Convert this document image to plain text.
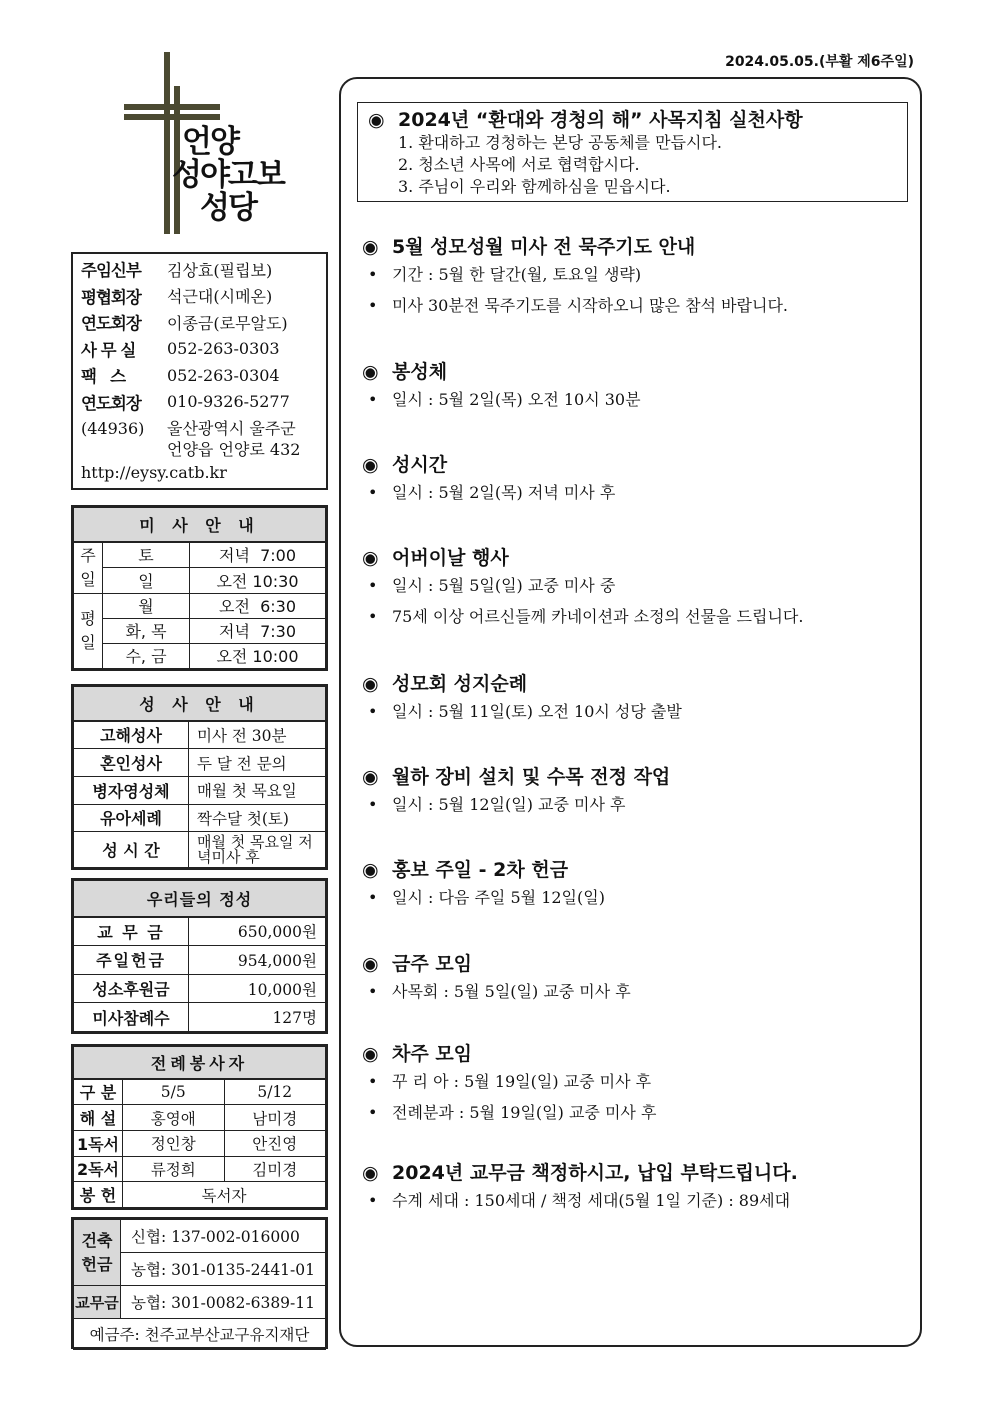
2024.05.05.(부활 제6주일)
언양
성야고보
성당
주임신부	김상효(필립보)
평협회장	석근대(시메온)
연도회장	이종금(로무알도)
사 무 실	052-263-0303
팩   스	052-263-0304
연도회장	010-9326-5277
(44936)	울산광역시 울주군
언양읍 언양로 432
http://eysy.catb.kr
미 사 안 내		
주일	토	저녁  7:00
	일	오전 10:30
평일	월	오전  6:30
	화, 목	저녁  7:30
	수, 금	오전 10:00
성 사 안 내	
고해성사	미사 전 30분
혼인성사	두 달 전 문의
병자영성체	매월 첫 목요일
유아세례	짝수달 첫(토)
성 시 간	매월 첫 목요일 저녁미사 후
우리들의 정성	
교 무 금	650,000원
주일헌금	954,000원
성소후원금	10,000원
미사참례수	127명
전례봉사자		
구 분	5/5	5/12
해 설	홍영애	남미경
1독서	정인창	안진영
2독서	류정희	김미경
봉 헌	독서자	
건축헌금	신협: 137-002-016000
	농협: 301-0135-2441-01
교무금	농협: 301-0082-6389-11
예금주: 천주교부산교구유지재단	
◉ 2024년 “환대와 경청의 해” 사목지침 실천사항
1. 환대하고 경청하는 본당 공동체를 만듭시다.
2. 청소년 사목에 서로 협력합시다.
3. 주님이 우리와 함께하심을 믿읍시다.
◉ 5월 성모성월 미사 전 묵주기도 안내
• 기간 : 5월 한 달간(월, 토요일 생략)
• 미사 30분전 묵주기도를 시작하오니 많은 참석 바랍니다.
◉ 봉성체
• 일시 : 5월 2일(목) 오전 10시 30분
◉ 성시간
• 일시 : 5월 2일(목) 저녁 미사 후
◉ 어버이날 행사
• 일시 : 5월 5일(일) 교중 미사 중
• 75세 이상 어르신들께 카네이션과 소정의 선물을 드립니다.
◉ 성모회 성지순례
• 일시 : 5월 11일(토) 오전 10시 성당 출발
◉ 월하 장비 설치 및 수목 전정 작업
• 일시 : 5월 12일(일) 교중 미사 후
◉ 홍보 주일 - 2차 헌금
• 일시 : 다음 주일 5월 12일(일)
◉ 금주 모임
• 사목회 : 5월 5일(일) 교중 미사 후
◉ 차주 모임
• 꾸 리 아 : 5월 19일(일) 교중 미사 후
• 전례분과 : 5월 19일(일) 교중 미사 후
◉ 2024년 교무금 책정하시고, 납입 부탁드립니다.
• 수계 세대 : 150세대 / 책정 세대(5월 1일 기준) : 89세대
